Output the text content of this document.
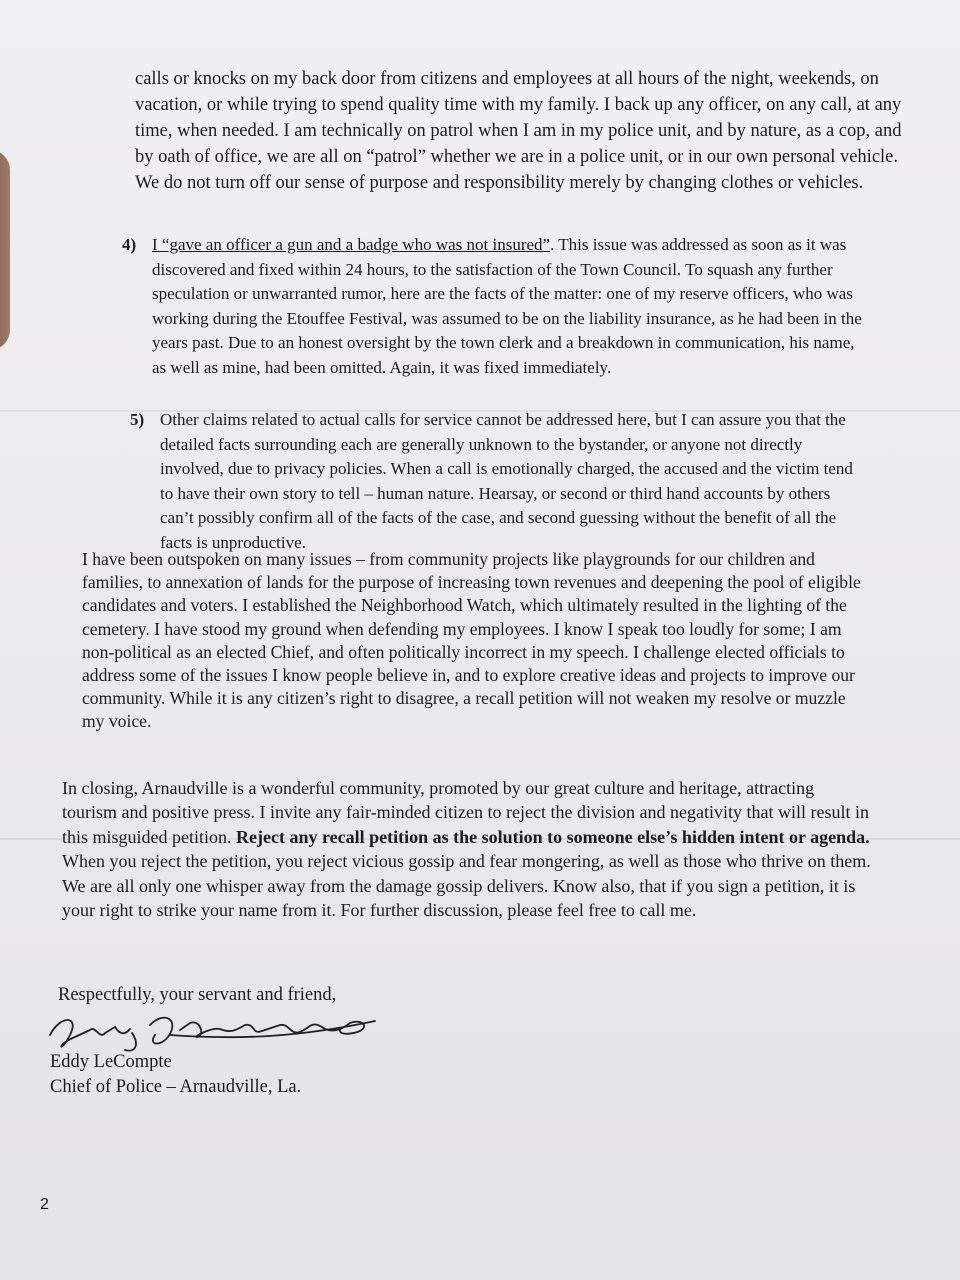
calls or knocks on my back door from citizens and employees at all hours of the night, weekends, on vacation, or while trying to spend quality time with my family. I back up any officer, on any call, at any time, when needed. I am technically on patrol when I am in my police unit, and by nature, as a cop, and by oath of office, we are all on “patrol” whether we are in a police unit, or in our own personal vehicle. We do not turn off our sense of purpose and responsibility merely by changing clothes or vehicles.
4) I “gave an officer a gun and a badge who was not insured”. This issue was addressed as soon as it was discovered and fixed within 24 hours, to the satisfaction of the Town Council. To squash any further speculation or unwarranted rumor, here are the facts of the matter: one of my reserve officers, who was working during the Etouffee Festival, was assumed to be on the liability insurance, as he had been in the years past. Due to an honest oversight by the town clerk and a breakdown in communication, his name, as well as mine, had been omitted. Again, it was fixed immediately.
5) Other claims related to actual calls for service cannot be addressed here, but I can assure you that the detailed facts surrounding each are generally unknown to the bystander, or anyone not directly involved, due to privacy policies. When a call is emotionally charged, the accused and the victim tend to have their own story to tell – human nature. Hearsay, or second or third hand accounts by others can’t possibly confirm all of the facts of the case, and second guessing without the benefit of all the facts is unproductive.
I have been outspoken on many issues – from community projects like playgrounds for our children and families, to annexation of lands for the purpose of increasing town revenues and deepening the pool of eligible candidates and voters. I established the Neighborhood Watch, which ultimately resulted in the lighting of the cemetery. I have stood my ground when defending my employees. I know I speak too loudly for some; I am non-political as an elected Chief, and often politically incorrect in my speech. I challenge elected officials to address some of the issues I know people believe in, and to explore creative ideas and projects to improve our community. While it is any citizen’s right to disagree, a recall petition will not weaken my resolve or muzzle my voice.
In closing, Arnaudville is a wonderful community, promoted by our great culture and heritage, attracting tourism and positive press. I invite any fair-minded citizen to reject the division and negativity that will result in this misguided petition. Reject any recall petition as the solution to someone else’s hidden intent or agenda. When you reject the petition, you reject vicious gossip and fear mongering, as well as those who thrive on them. We are all only one whisper away from the damage gossip delivers. Know also, that if you sign a petition, it is your right to strike your name from it. For further discussion, please feel free to call me.
Respectfully, your servant and friend,
Eddy LeCompte
Chief of Police – Arnaudville, La.
2
